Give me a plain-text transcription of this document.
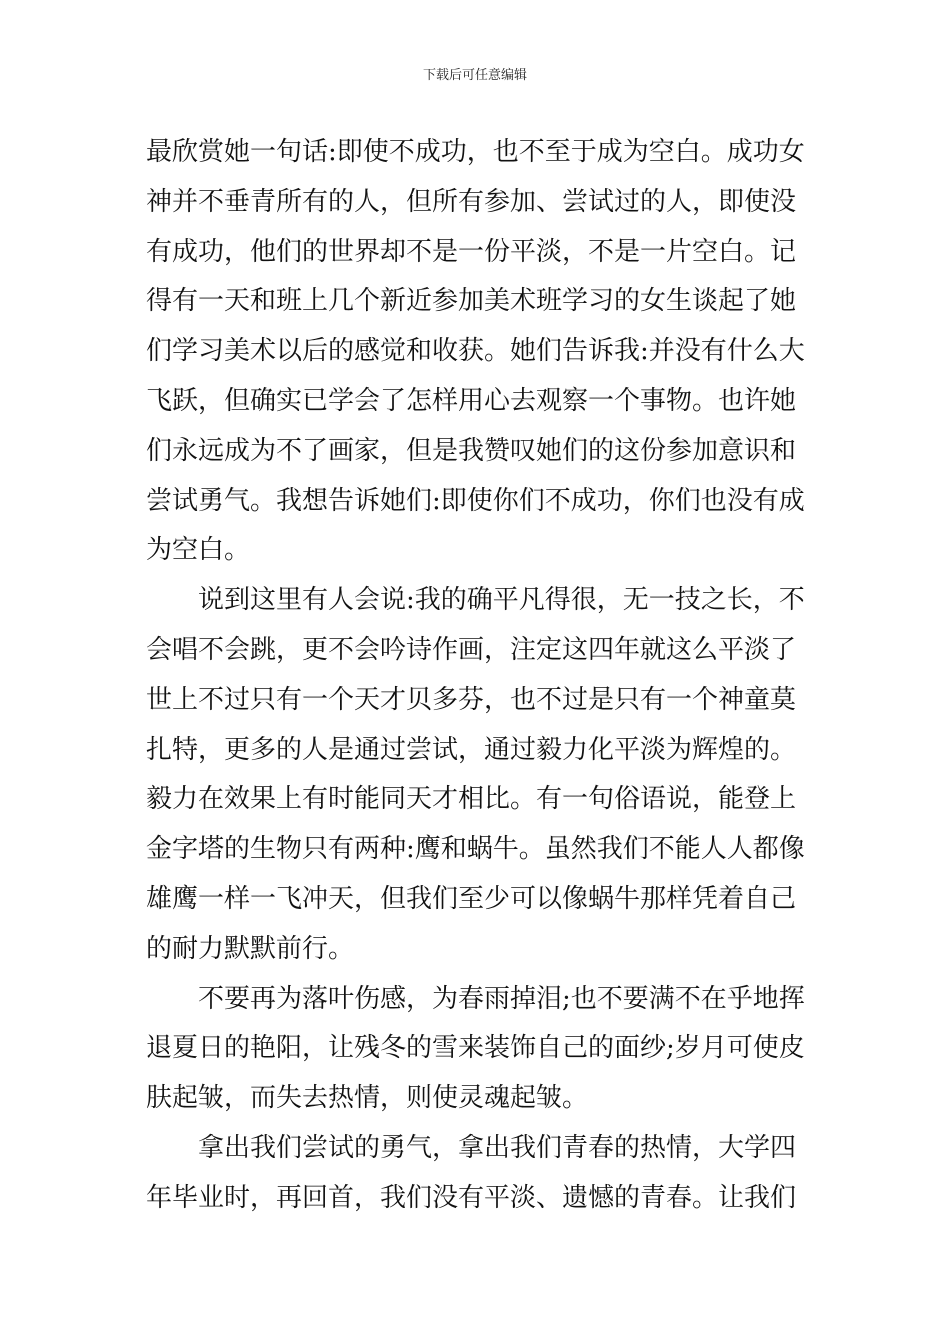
下载后可任意编辑
最欣赏她一句话:即使不成功，也不至于成为空白。成功女
神并不垂青所有的人，但所有参加、尝试过的人，即使没
有成功，他们的世界却不是一份平淡，不是一片空白。记
得有一天和班上几个新近参加美术班学习的女生谈起了她
们学习美术以后的感觉和收获。她们告诉我:并没有什么大
飞跃，但确实已学会了怎样用心去观察一个事物。也许她
们永远成为不了画家，但是我赞叹她们的这份参加意识和
尝试勇气。我想告诉她们:即使你们不成功，你们也没有成
为空白。
　　说到这里有人会说:我的确平凡得很，无一技之长，不
会唱不会跳，更不会吟诗作画，注定这四年就这么平淡了
世上不过只有一个天才贝多芬，也不过是只有一个神童莫
扎特，更多的人是通过尝试，通过毅力化平淡为辉煌的。
毅力在效果上有时能同天才相比。有一句俗语说，能登上
金字塔的生物只有两种:鹰和蜗牛。虽然我们不能人人都像
雄鹰一样一飞冲天，但我们至少可以像蜗牛那样凭着自己
的耐力默默前行。
　　不要再为落叶伤感，为春雨掉泪;也不要满不在乎地挥
退夏日的艳阳，让残冬的雪来装饰自己的面纱;岁月可使皮
肤起皱，而失去热情，则使灵魂起皱。
　　拿出我们尝试的勇气，拿出我们青春的热情，大学四
年毕业时，再回首，我们没有平淡、遗憾的青春。让我们
